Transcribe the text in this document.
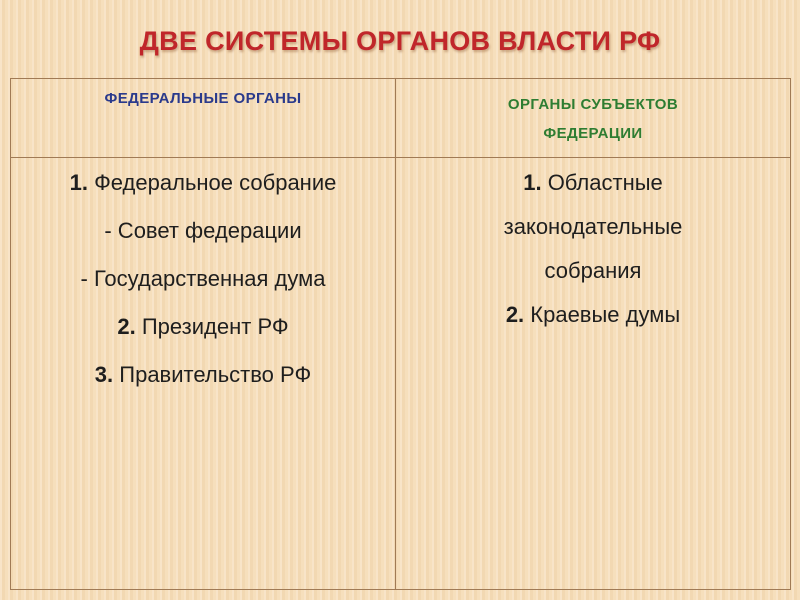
ДВЕ СИСТЕМЫ ОРГАНОВ ВЛАСТИ РФ
ФЕДЕРАЛЬНЫЕ ОРГАНЫ	ОРГАНЫ СУБЪЕКТОВ
ФЕДЕРАЦИИ
1. Федеральное собрание
- Совет федерации
- Государственная дума
2. Президент РФ
3. Правительство РФ
1. Областные
законодательные
собрания
2. Краевые думы
